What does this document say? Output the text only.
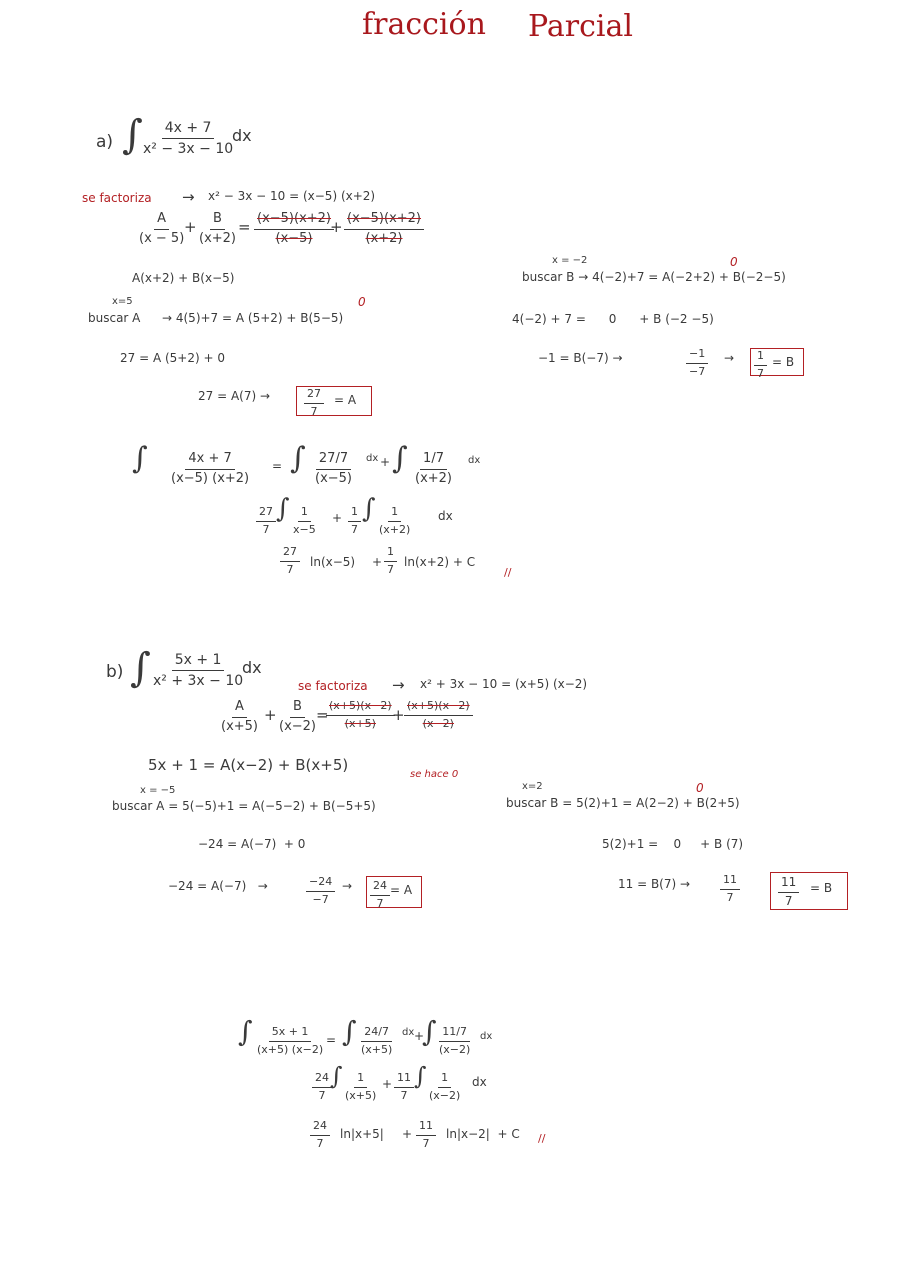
fracción Parcial
a) ∫
$\frac{4x + 7}{\text{x² − 3x − 10}}$
dx
se factoriza → x² − 3x − 10 = (x−5) (x+2)
$\frac{A}{(x - 5)}$
+ $\frac{B}{(x+2)}$
= $\frac{(x-5)(x+2)}{(x-5)}$
+ $\frac{(x-5)(x+2)}{(x+2)}$
A(x+2) + B(x−5)
x=5
buscar A → 4(5)+7 = A (5+2) + B(5−5)
0
27 = A (5+2) + 0
27 = A(7) →	$\frac{27}{7} = A$
x = −2
buscar B → 4(−2)+7 = A(−2+2) + B(−2−5)
0
4(−2) + 7 =      0      + B (−2 −5)
−1 = B(−7) →	$\frac{-1}{-7} \to \frac{1}{7} = B$
∫ $\frac{4x + 7}{(x-5) (x+2)}$ = ∫ $\frac{27/7}{(x-5)}$ dx + ∫ $\frac{1/7}{(x+2)}$ dx
$\frac{27}{7}$ ∫ $\frac{1}{x-5} + \frac{1}{7}$ ∫ $\frac{1}{(x+2)}$ dx
$\frac{27}{7} \ln(x-5) + \frac{1}{7} \ln(x+2) + C$
//
b) ∫ $\frac{5x + 1}{\text{x² + 3x − 10}}$
dx
se factoriza → x² + 3x − 10 = (x+5) (x−2)
$\frac{A}{(x+5)} + \frac{B}{(x-2)}$
=
$\frac{(x+5)(x-2)}{(x+5)}$
+ $\frac{(x+5)(x-2)}{(x-2)}$
5x + 1 = A(x−2) + B(x+5)
se hace 0
x = −5
buscar A = 5(−5)+1 = A(−5−2) + B(−5+5)
−24 = A(−7)  + 0
−24 = A(−7)   →	$\frac{-24}{-7} \to \frac{24}{7} = A$
x=2
buscar B = 5(2)+1 = A(2−2) + B(2+5)
0
5(2)+1 =    0     + B (7)
11 = B(7) →	$\frac{11}{7}$	$\frac{11}{7} = B$
∫ $\frac{5x + 1}{(x+5) (x-2)}$ = ∫ $\frac{24/7}{(x+5)}$ dx +
∫ $\frac{11/7}{(x-2)}$ dx
$\frac{24}{7}$
∫ $\frac{1}{(x+5)} + \frac{11}{7}$ ∫ $\frac{1}{(x-2)}$ dx
$\frac{24}{7} \ln|x+5| + \frac{11}{7} \ln|x-2| + C$ //
